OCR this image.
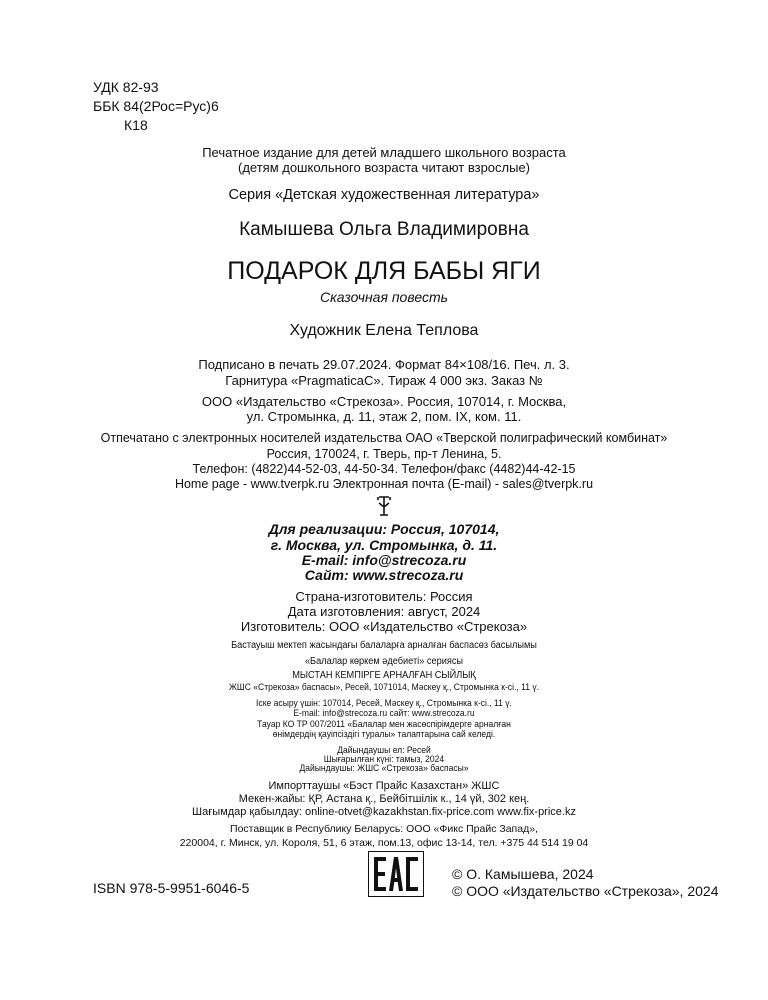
УДК 82-93
ББК 84(2Рос=Рус)6
К18
Печатное издание для детей младшего школьного возраста
(детям дошкольного возраста читают взрослые)
Серия «Детская художественная литература»
Камышева Ольга Владимировна
ПОДАРОК ДЛЯ БАБЫ ЯГИ
Сказочная повесть
Художник Елена Теплова
Подписано в печать 29.07.2024. Формат 84×108/16. Печ. л. 3.
Гарнитура «PragmaticaC». Тираж 4 000 экз. Заказ №
ООО «Издательство «Стрекоза». Россия, 107014, г. Москва,
ул. Стромынка, д. 11, этаж 2, пом. IX, ком. 11.
Отпечатано с электронных носителей издательства ОАО «Тверской полиграфический комбинат»
Россия, 170024, г. Тверь, пр-т Ленина, 5.
Телефон: (4822)44-52-03, 44-50-34. Телефон/факс (4482)44-42-15
Home page - www.tverpk.ru Электронная почта (E-mail) - sales@tverpk.ru
Для реализации: Россия, 107014,
г. Москва, ул. Стромынка, д. 11.
E-mail: info@strecoza.ru
Сайт: www.strecoza.ru
Страна-изготовитель: Россия
Дата изготовления: август, 2024
Изготовитель: ООО «Издательство «Стрекоза»
Бастауыш мектеп жасындағы балаларға арналған баспасөз басылымы
«Балалар көркем әдебиеті» сериясы
МЫСТАН КЕМПІРГЕ АРНАЛҒАН СЫЙЛЫҚ
ЖШС «Стрекоза» баспасы», Ресей, 1071014, Мәскеу қ., Стромынка к-сі., 11 ү.
Іске асыру үшін: 107014, Ресей, Мәскеу қ., Стромынка к-сі., 11 ү.
E-mail: info@strecoza.ru сайт: www.strecoza.ru
Тауар КО ТР 007/2011 «Балалар мен жасөспірімдерге арналған
өнімдердің қауіпсіздігі туралы» талаптарына сай келеді.
Дайындаушы ел: Ресей
Шығарылған күні: тамыз, 2024
Дайындаушы: ЖШС «Стрекоза» баспасы»
Импорттаушы «Бэст Прайс Казахстан» ЖШС
Мекен-жайы: ҚР, Астана қ., Бейбітшілік к., 14 үй, 302 кең.
Шағымдар қабылдау: online-otvet@kazakhstan.fix-price.com www.fix-price.kz
Поставщик в Республику Беларусь: ООО «Фикс Прайс Запад»,
220004, г. Минск, ул. Короля, 51, 6 этаж, пом.13, офис 13-14, тел. +375 44 514 19 04
ISBN 978-5-9951-6046-5
© О. Камышева, 2024
© ООО «Издательство «Стрекоза», 2024
